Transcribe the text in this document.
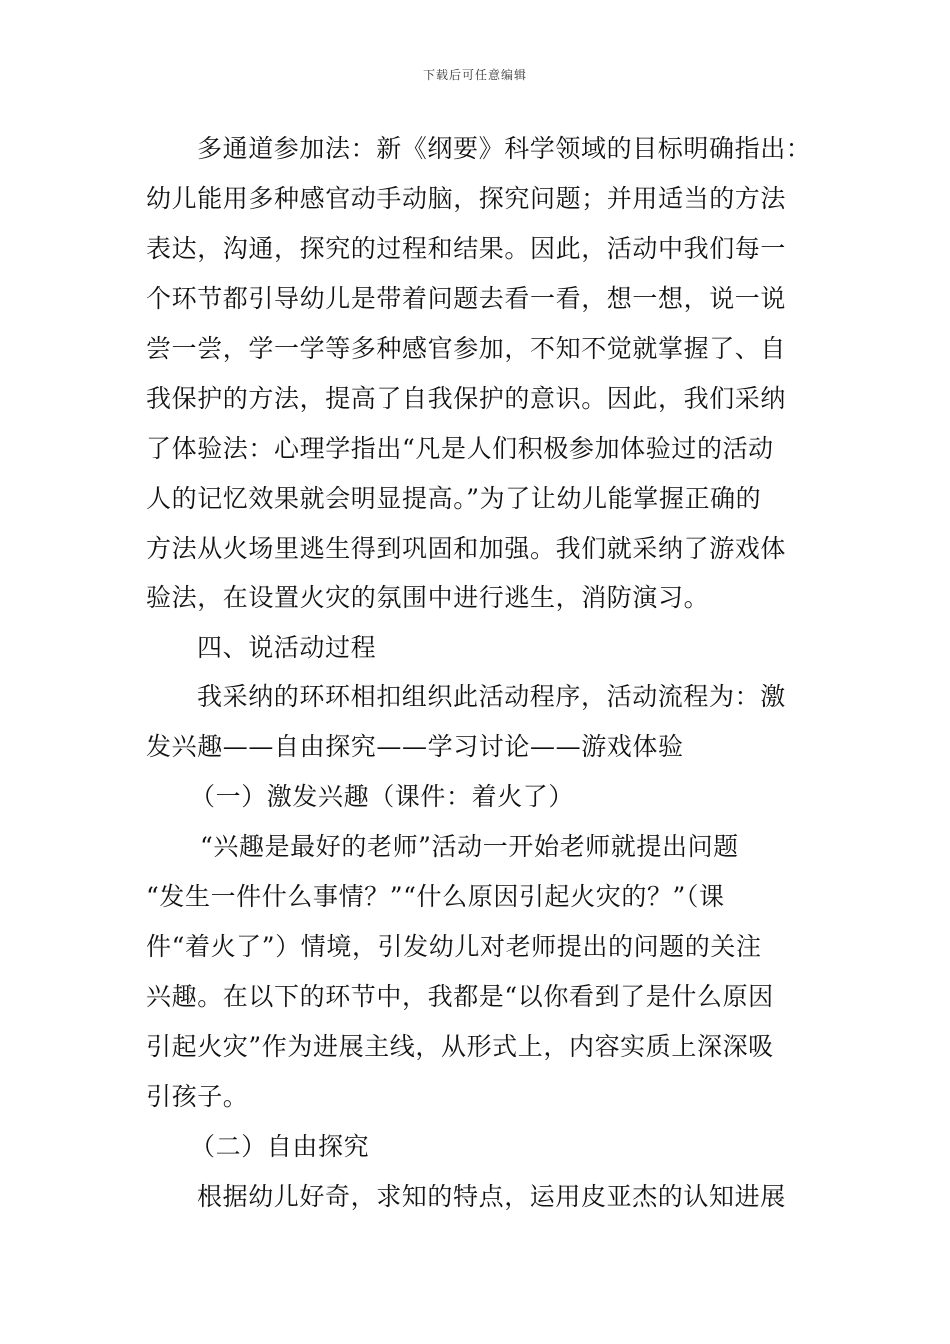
下载后可任意编辑
多通道参加法：新《纲要》科学领域的目标明确指出：
幼儿能用多种感官动手动脑，探究问题；并用适当的方法
表达，沟通，探究的过程和结果。因此，活动中我们每一
个环节都引导幼儿是带着问题去看一看，想一想，说一说
尝一尝，学一学等多种感官参加，不知不觉就掌握了、自
我保护的方法，提高了自我保护的意识。因此，我们采纳
了体验法：心理学指出“凡是人们积极参加体验过的活动
人的记忆效果就会明显提高。”为了让幼儿能掌握正确的
方法从火场里逃生得到巩固和加强。我们就采纳了游戏体
验法，在设置火灾的氛围中进行逃生，消防演习。
四、说活动过程
我采纳的环环相扣组织此活动程序，活动流程为：激
发兴趣——自由探究——学习讨论——游戏体验
（一）激发兴趣（课件：着火了）
“兴趣是最好的老师”活动一开始老师就提出问题
“发生一件什么事情？”“什么原因引起火灾的？”（课
件“着火了”）情境，引发幼儿对老师提出的问题的关注
兴趣。在以下的环节中，我都是“以你看到了是什么原因
引起火灾”作为进展主线，从形式上，内容实质上深深吸
引孩子。
（二）自由探究
根据幼儿好奇，求知的特点，运用皮亚杰的认知进展
